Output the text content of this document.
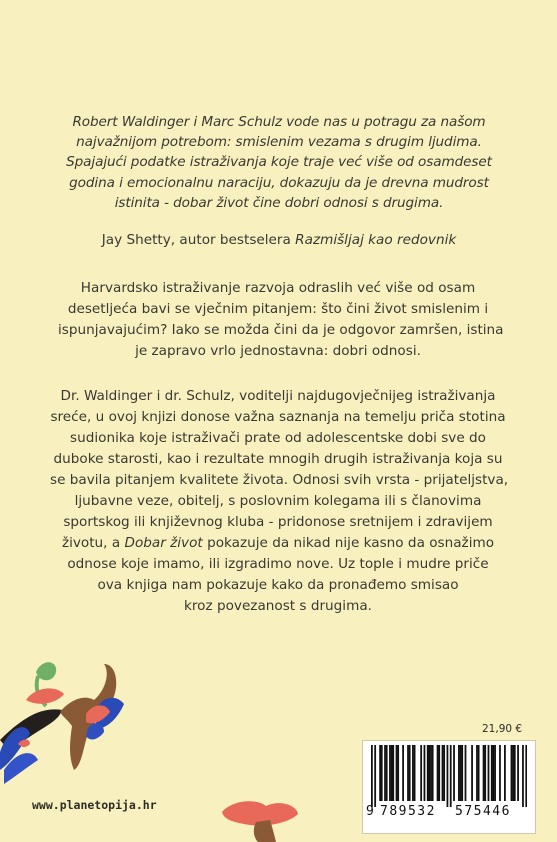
Robert Waldinger i Marc Schulz vode nas u potragu za našom
najvažnijom potrebom: smislenim vezama s drugim ljudima.
Spajajući podatke istraživanja koje traje već više od osamdeset
godina i emocionalnu naraciju, dokazuju da je drevna mudrost
istinita - dobar život čine dobri odnosi s drugima.
Jay Shetty, autor bestselera Razmišljaj kao redovnik
Harvardsko istraživanje razvoja odraslih već više od osam
desetljeća bavi se vječnim pitanjem: što čini život smislenim i
ispunjavajućim? Iako se možda čini da je odgovor zamršen, istina
je zapravo vrlo jednostavna: dobri odnosi.
Dr. Waldinger i dr. Schulz, voditelji najdugovječnijeg istraživanja
sreće, u ovoj knjizi donose važna saznanja na temelju priča stotina
sudionika koje istraživači prate od adolescentske dobi sve do
duboke starosti, kao i rezultate mnogih drugih istraživanja koja su
se bavila pitanjem kvalitete života. Odnosi svih vrsta - prijateljstva,
ljubavne veze, obitelj, s poslovnim kolegama ili s članovima
sportskog ili književnog kluba - pridonose sretnijem i zdravijem
životu, a Dobar život pokazuje da nikad nije kasno da osnažimo
odnose koje imamo, ili izgradimo nove. Uz tople i mudre priče
ova knjiga nam pokazuje kako da pronađemo smisao
kroz povezanost s drugima.
www.planetopija.hr
21,90 €
9 789532 575446
